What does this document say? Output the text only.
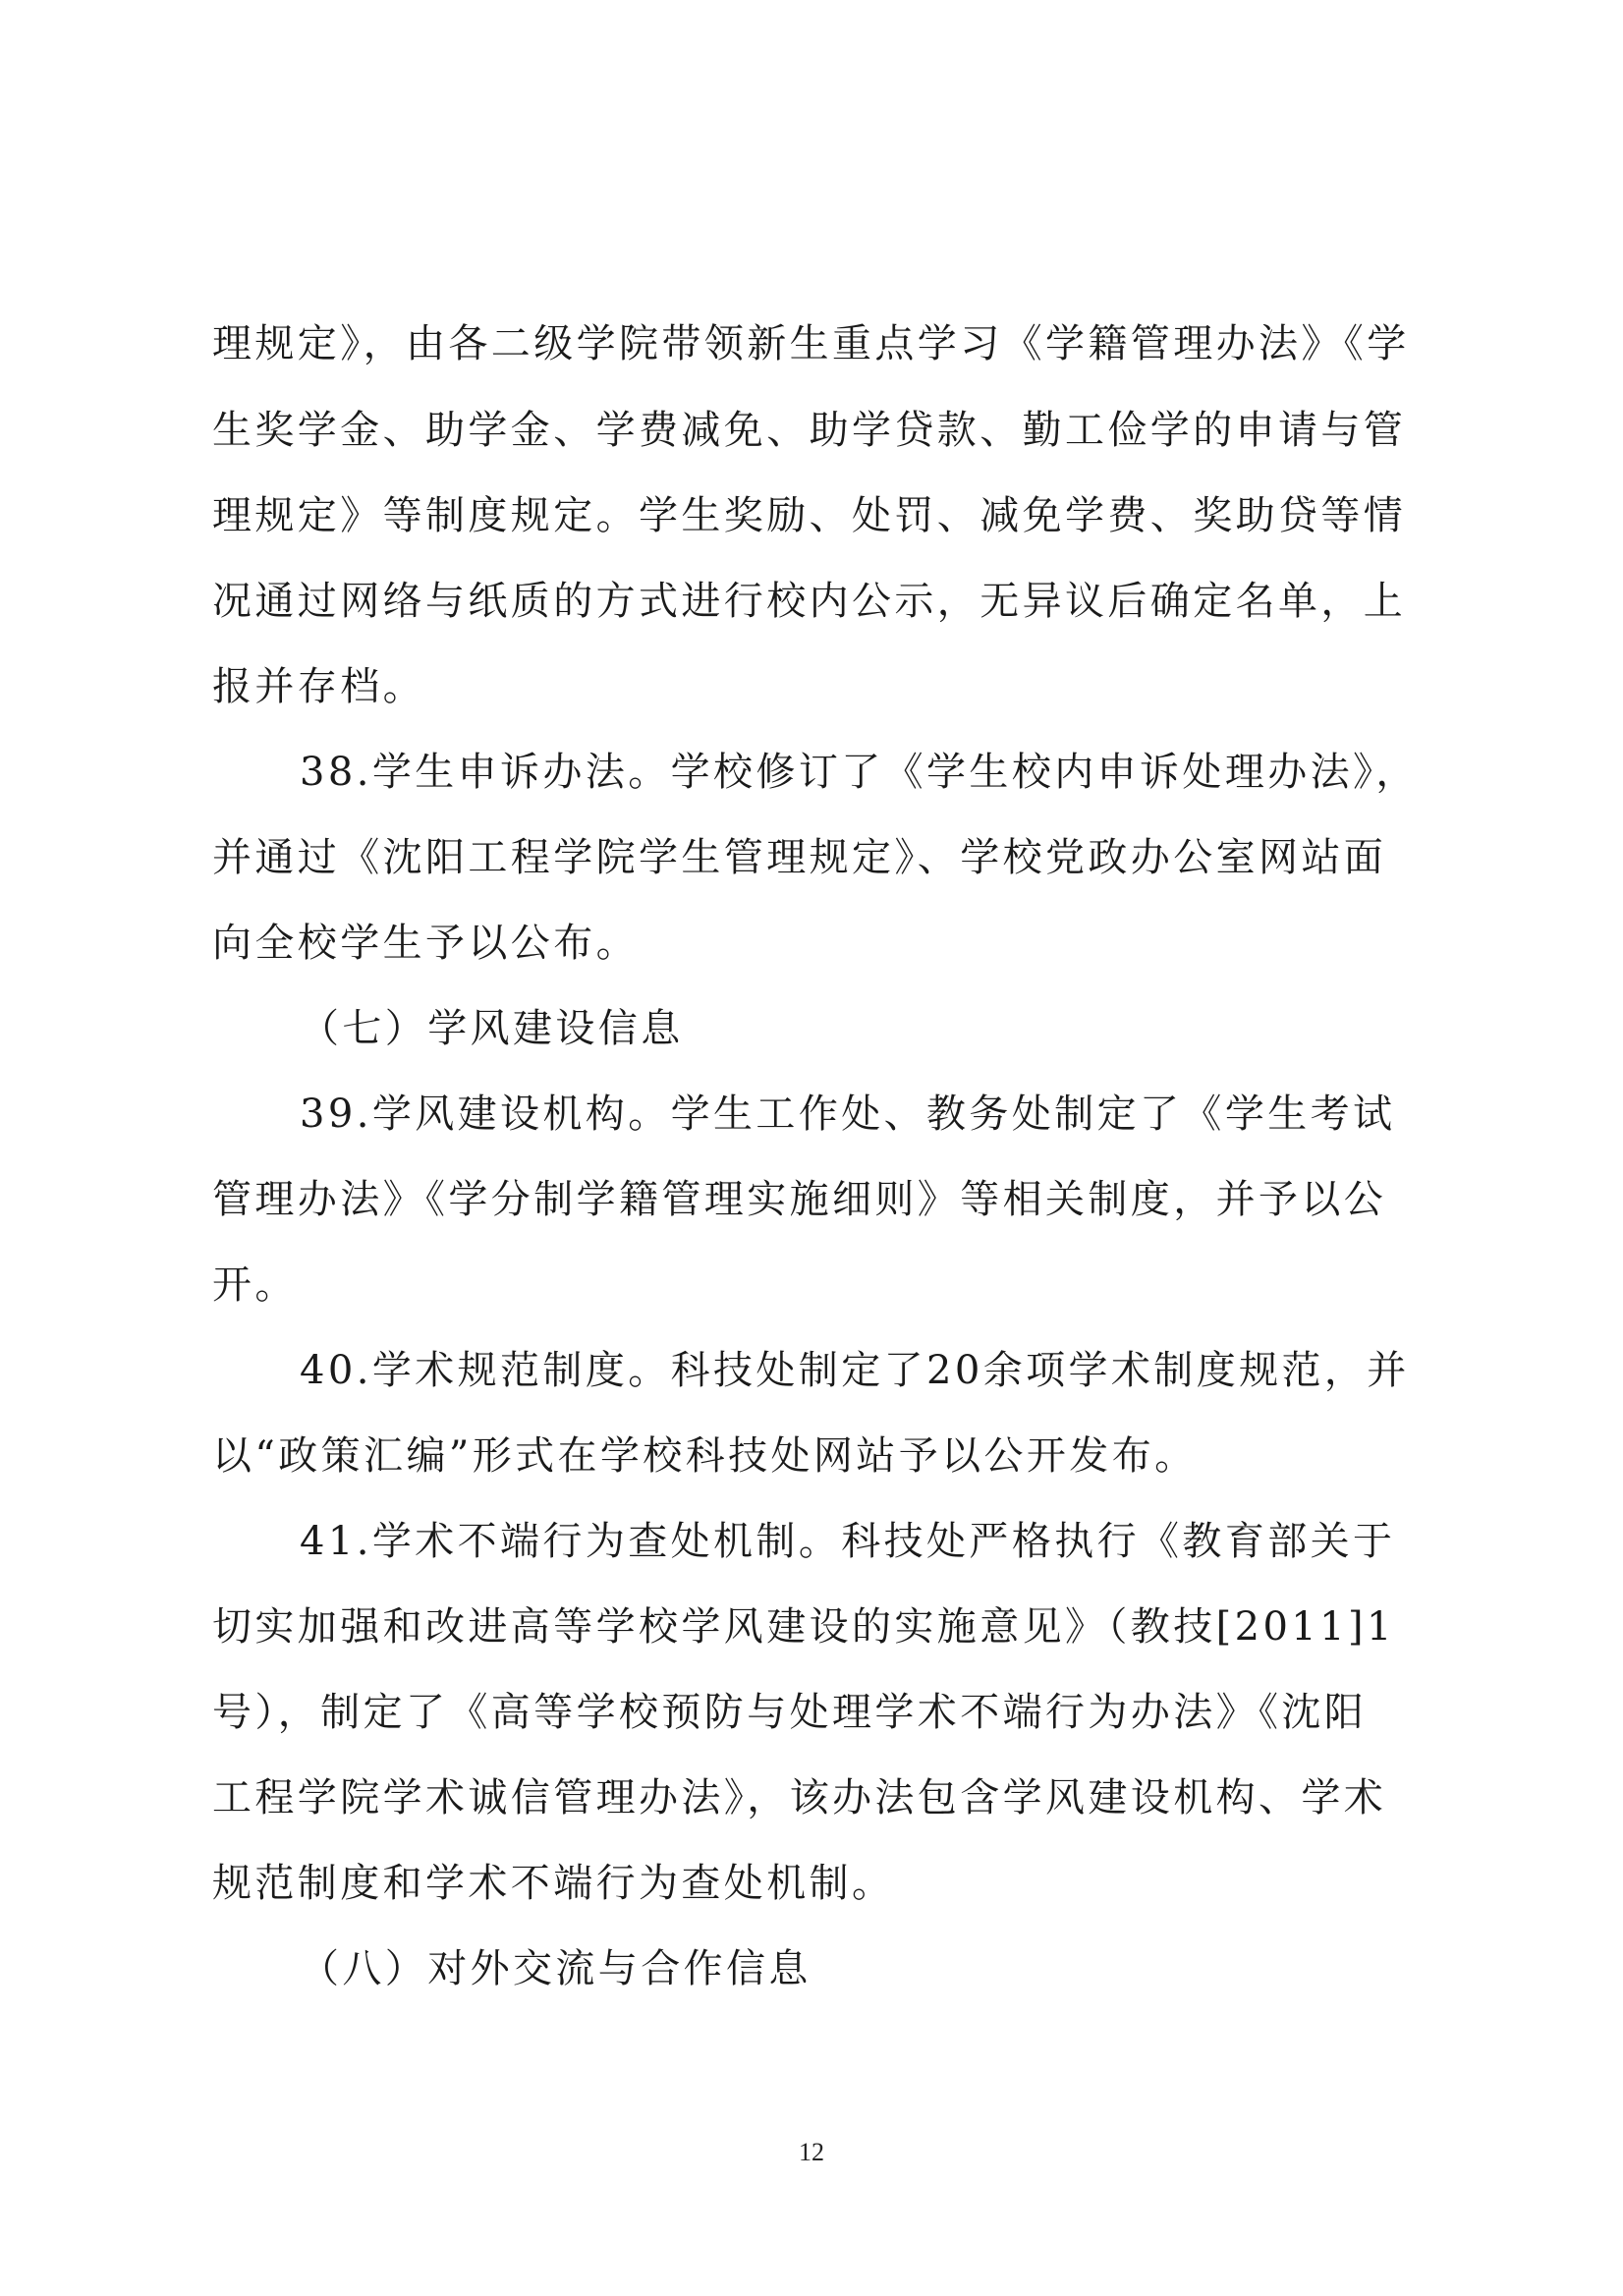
理规定》，由各二级学院带领新生重点学习《学籍管理办法》《学
生奖学金、助学金、学费减免、助学贷款、勤工俭学的申请与管
理规定》等制度规定。学生奖励、处罚、减免学费、奖助贷等情
况通过网络与纸质的方式进行校内公示，无异议后确定名单，上
报并存档。
38.学生申诉办法。学校修订了《学生校内申诉处理办法》，
并通过《沈阳工程学院学生管理规定》、学校党政办公室网站面
向全校学生予以公布。
（七）学风建设信息
39.学风建设机构。学生工作处、教务处制定了《学生考试
管理办法》《学分制学籍管理实施细则》等相关制度，并予以公
开。
40.学术规范制度。科技处制定了20余项学术制度规范，并
以“政策汇编”形式在学校科技处网站予以公开发布。
41.学术不端行为查处机制。科技处严格执行《教育部关于
切实加强和改进高等学校学风建设的实施意见》（教技[2011]1
号），制定了《高等学校预防与处理学术不端行为办法》《沈阳
工程学院学术诚信管理办法》，该办法包含学风建设机构、学术
规范制度和学术不端行为查处机制。
（八）对外交流与合作信息
12
